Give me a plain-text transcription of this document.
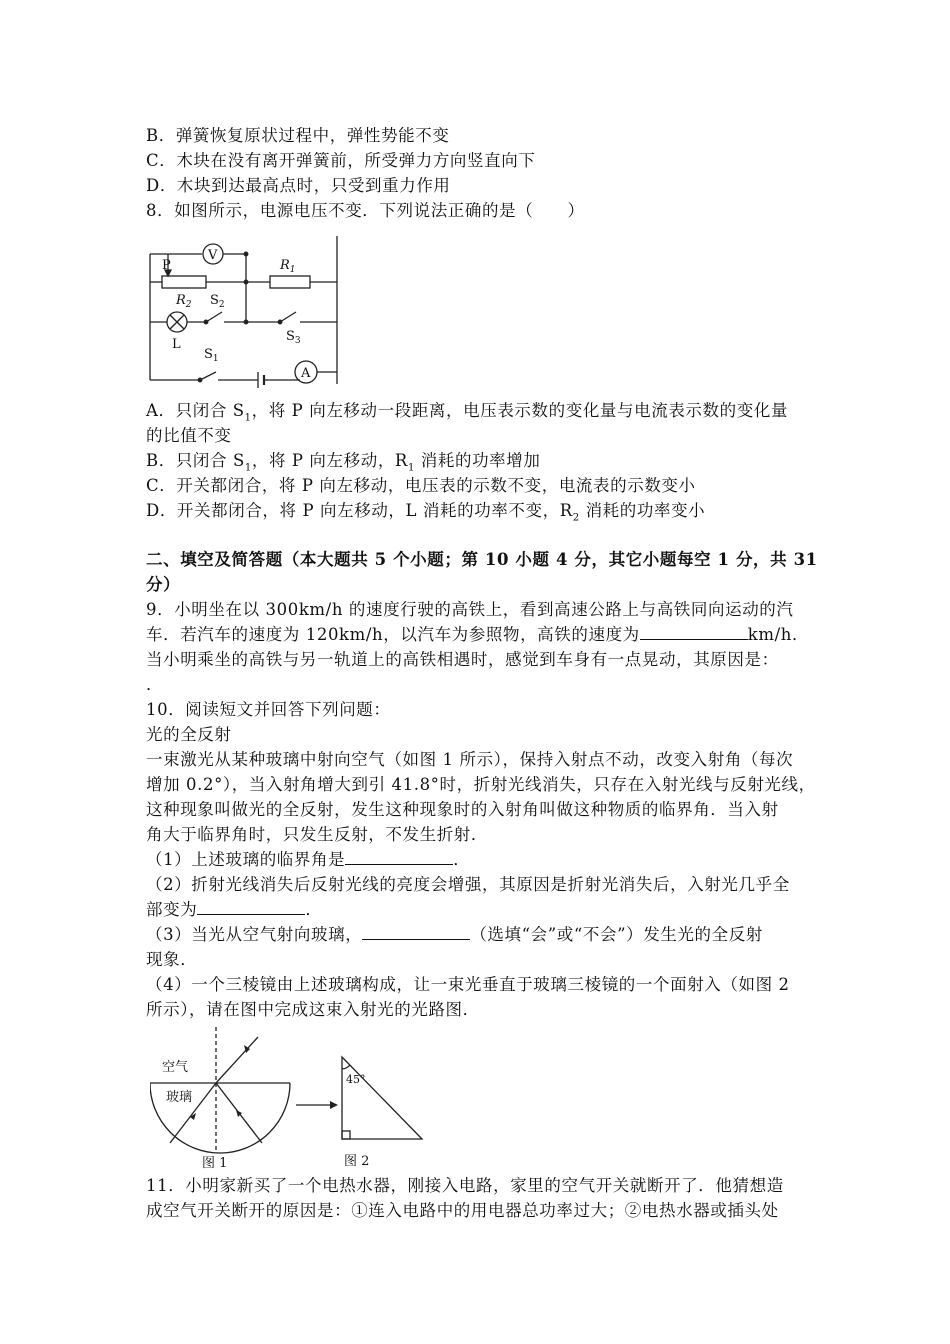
B．弹簧恢复原状过程中，弹性势能不变
C．木块在没有离开弹簧前，所受弹力方向竖直向下
D．木块到达最高点时，只受到重力作用
8．如图所示，电源电压不变．下列说法正确的是（　　）
V
A
P	$R_1$
$R_2$ $S_2$
$S_3$
$S_1$
L
A．只闭合 $S_1$，将 P 向左移动一段距离，电压表示数的变化量与电流表示数的变化量
的比值不变
B．只闭合 $S_1$，将 P 向左移动，$R_1$ 消耗的功率增加
C．开关都闭合，将 P 向左移动，电压表的示数不变，电流表的示数变小
D．开关都闭合，将 P 向左移动，L 消耗的功率不变，$R_2$ 消耗的功率变小
二、填空及简答题（本大题共 5 个小题；第 10 小题 4 分，其它小题每空 1 分，共 31
分）
9．小明坐在以 300km/h 的速度行驶的高铁上，看到高速公路上与高铁同向运动的汽
车．若汽车的速度为 120km/h，以汽车为参照物，高铁的速度为	km/h．
当小明乘坐的高铁与另一轨道上的高铁相遇时，感觉到车身有一点晃动，其原因是：
．
10．阅读短文并回答下列问题：
光的全反射
一束激光从某种玻璃中射向空气（如图 1 所示），保持入射点不动，改变入射角（每次
增加 0.2°），当入射角增大到引 41.8°时，折射光线消失，只存在入射光线与反射光线，
这种现象叫做光的全反射，发生这种现象时的入射角叫做这种物质的临界角．当入射
角大于临界角时，只发生反射，不发生折射．
（1）上述玻璃的临界角是	．
（2）折射光线消失后反射光线的亮度会增强，其原因是折射光消失后，入射光几乎全
部变为	．
（3）当光从空气射向玻璃，	（选填“会”或“不会”）发生光的全反射
现象．
（4）一个三棱镜由上述玻璃构成，让一束光垂直于玻璃三棱镜的一个面射入（如图 2
所示），请在图中完成这束入射光的光路图．
空气
玻璃
图 1
45°
图 2
11．小明家新买了一个电热水器，刚接入电路，家里的空气开关就断开了．他猜想造
成空气开关断开的原因是：①连入电路中的用电器总功率过大；②电热水器或插头处
